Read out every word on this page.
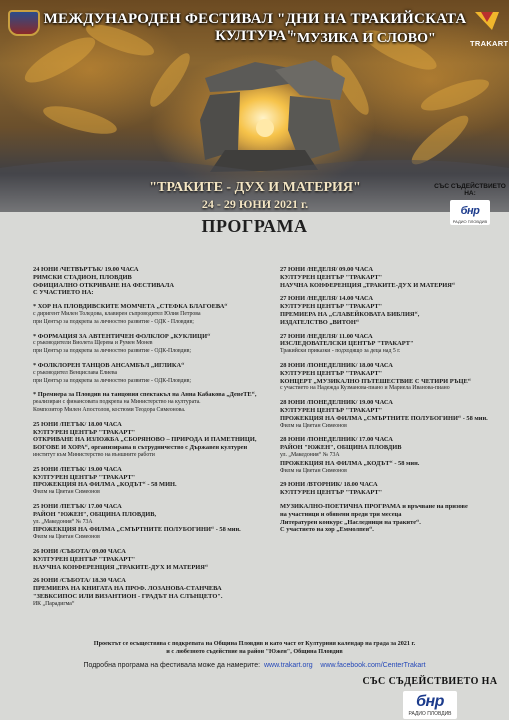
МЕЖДУНАРОДЕН ФЕСТИВАЛ "ДНИ НА ТРАКИЙСКАТА КУЛТУРА"
"МУЗИКА И СЛОВО"	TRAKART
"ТРАКИТЕ - ДУХ И МАТЕРИЯ"
24 - 29 ЮНИ 2021 г.
СЪС СЪДЕЙСТВИЕТО НА:
бнр
РАДИО ПЛОВДИВ
ПРОГРАМА
24 ЮНИ /ЧЕТВЪРТЪК/ 19.00 ЧАСА
РИМСКИ СТАДИОН, ПЛОВДИВ
ОФИЦИАЛНО ОТКРИВАНЕ НА ФЕСТИВАЛА
С УЧАСТИЕТО НА:
* ХОР НА ПЛОВДИВСКИТЕ МОМЧЕТА „СТЕФКА БЛАГОЕВА“
с диригент Милен Толедова, клавирен съпроводител Юлия Петрова
при Център за подкрепа за личностно развитие - ОДК - Пловдив;
* ФОРМАЦИЯ ЗА АВТЕНТИЧЕН ФОЛКЛОР „КУКЛИЦИ“
с ръководители Виолета Щерева и Румен Монев
при Център за подкрепа за личностно развитие - ОДК-Пловдив;
* ФОЛКЛОРЕН ТАНЦОВ АНСАМБЪЛ „ИГЛИКА“
с ръководител Венцислава Елиева
при Център за подкрепа за личностно развитие - ОДК-Пловдив;
* Премиера за Пловдив на танцовия спектакъл на Анна Кабакова „ДевеТЕ“,
реализиран с финансовата подкрепа на Министерство на културата.
Композитор Милен Апостолов, костюми Теодора Симеонова.
25 ЮНИ /ПЕТЪК/ 18.00 ЧАСА
КУЛТУРЕН ЦЕНТЪР "ТРАКАРТ"
ОТКРИВАНЕ НА ИЗЛОЖБА „СБОРЯНОВО – ПРИРОДА И ПАМЕТНИЦИ,
БОГОВЕ И ХОРА“, организирана в сътрудничество с Държавен културен
институт към Министерство на външните работи
25 ЮНИ /ПЕТЪК/ 19.00 ЧАСА
КУЛТУРЕН ЦЕНТЪР "ТРАКАРТ"
ПРОЖЕКЦИЯ НА ФИЛМА „КОДЪТ“ - 58 МИН.
Филм на Цветан Симеонов
25 ЮНИ /ПЕТЪК/ 17.00 ЧАСА
РАЙОН "ЮЖЕН", ОБЩИНА ПЛОВДИВ,
ул. „Македония“ № 73А
ПРОЖЕКЦИЯ НА ФИЛМА „СМЪРТНИТЕ ПОЛУБОГИНИ“ - 58 мин.
Филм на Цветан Симеонов
26 ЮНИ /СЪБОТА/ 09.00 ЧАСА
КУЛТУРЕН ЦЕНТЪР "ТРАКАРТ"
НАУЧНА КОНФЕРЕНЦИЯ „ТРАКИТЕ-ДУХ И МАТЕРИЯ“
26 ЮНИ /СЪБОТА/ 18.30 ЧАСА
ПРЕМИЕРА НА КНИГАТА НА ПРОФ. ЛОЗАНОВА-СТАНЧЕВА
"ЗЕВКСИПОС ИЛИ ВИЗАНТИОН - ГРАДЪТ НА СЛЪНЦЕТО".
ИК „Парадигма“
27 ЮНИ /НЕДЕЛЯ/ 09.00 ЧАСА
КУЛТУРЕН ЦЕНТЪР "ТРАКАРТ"
НАУЧНА КОНФЕРЕНЦИЯ „ТРАКИТЕ-ДУХ И МАТЕРИЯ“
27 ЮНИ /НЕДЕЛЯ/ 14.00 ЧАСА
КУЛТУРЕН ЦЕНТЪР "ТРАКАРТ"
ПРЕМИЕРА НА „СЛАВЕЙКОВАТА БИБЛИЯ“,
ИЗДАТЕЛСТВО „ВИТОН“
27 ЮНИ /НЕДЕЛЯ/ 11.00 ЧАСА
ИЗСЛЕДОВАТЕЛСКИ ЦЕНТЪР "ТРАКАРТ"
Тракийски приказки - подходящо за деца над 5 г.
28 ЮНИ /ПОНЕДЕЛНИК/ 18.00 ЧАСА
КУЛТУРЕН ЦЕНТЪР "ТРАКАРТ"
КОНЦЕРТ „МУЗИКАЛНО ПЪТЕШЕСТВИЕ С ЧЕТИРИ РЪЦЕ“
с участието на Надежда Кузманова-пиано и Мариела Иванова-пиано
28 ЮНИ /ПОНЕДЕЛНИК/ 19.00 ЧАСА
КУЛТУРЕН ЦЕНТЪР "ТРАКАРТ"
ПРОЖЕКЦИЯ НА ФИЛМА „СМЪРТНИТЕ ПОЛУБОГИНИ“ - 58 мин.
Филм на Цветан Симеонов
28 ЮНИ /ПОНЕДЕЛНИК/ 17.00 ЧАСА
РАЙОН "ЮЖЕН", ОБЩИНА ПЛОВДИВ
ул. „Македония“ № 73А
ПРОЖЕКЦИЯ НА ФИЛМА „КОДЪТ“ - 58 мин.
Филм на Цветан Симеонов
29 ЮНИ /ВТОРНИК/ 18.00 ЧАСА
КУЛТУРЕН ЦЕНТЪР "ТРАКАРТ"
МУЗИКАЛНО-ПОЕТИЧНА ПРОГРАМА и връчване на призове
на участници и обявени преди три месеца
Литературен конкурс „Наследници на траките“.
С участието на хор „Еммолпея“.
Проектът се осъществява с подкрепата на Община Пловдив и като част от Културния календар на града за 2021 г.
и с любезното съдействие на район "Южен", Община Пловдив
Подробна програма на фестивала може да намерите: www.trakart.org www.facebook.com/CenterTrakart
СЪС СЪДЕЙСТВИЕТО НА
бнр
РАДИО ПЛОВДИВ
